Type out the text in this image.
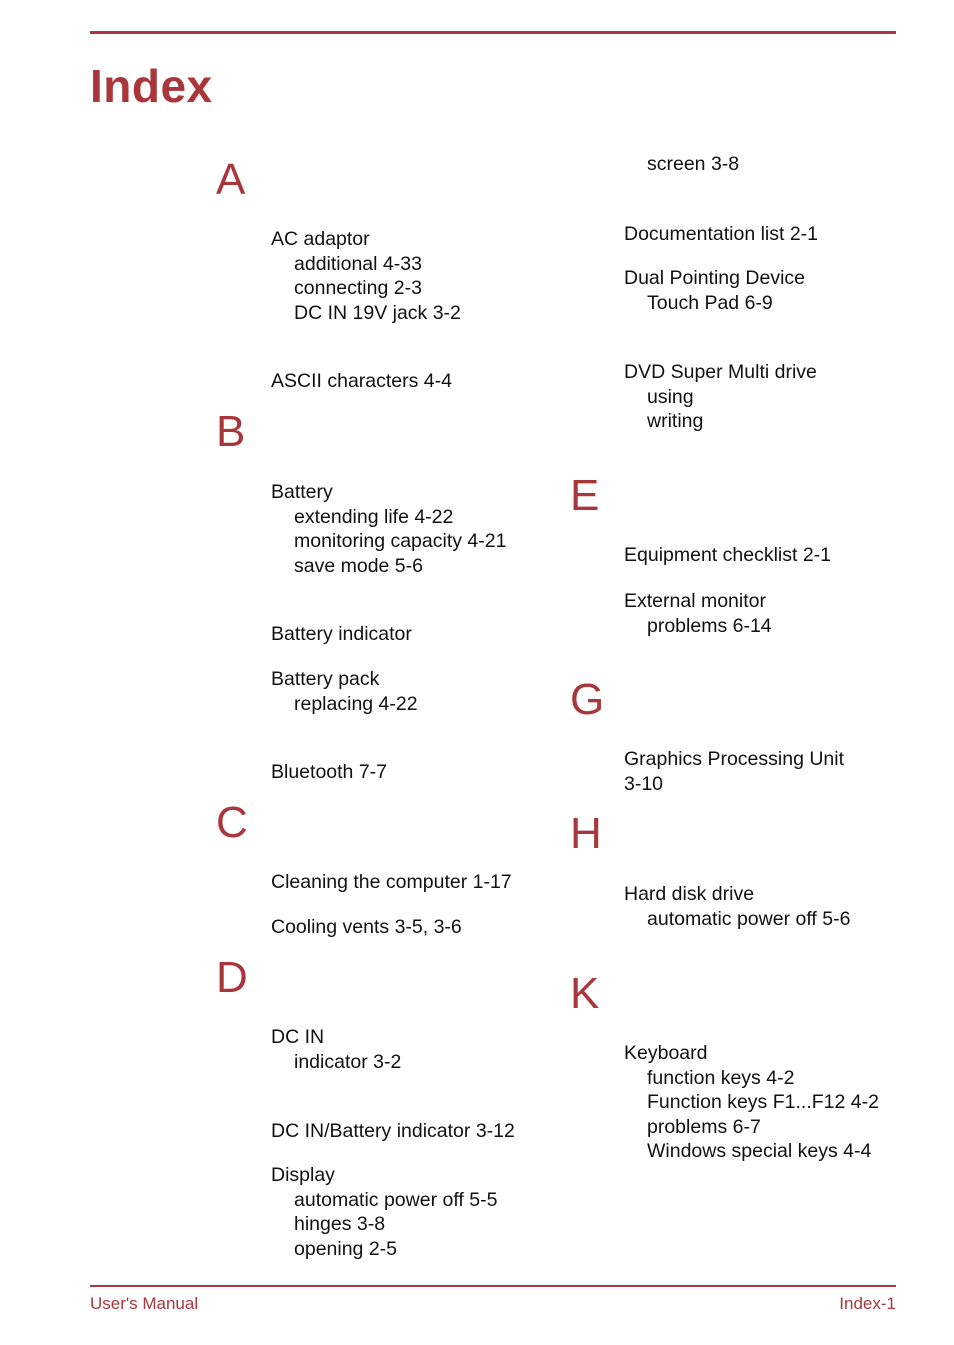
Index
A
AC adaptor
additional 4-33
connecting 2-3
DC IN 19V jack 3-2
ASCII characters 4-4
B
Battery
extending life 4-22
monitoring capacity 4-21
save mode 5-6
Battery indicator
Battery pack
replacing 4-22
Bluetooth 7-7
C
Cleaning the computer 1-17
Cooling vents 3-5, 3-6
D
DC IN
indicator 3-2
DC IN/Battery indicator 3-12
Display
automatic power off 5-5
hinges 3-8
opening 2-5
screen 3-8
Documentation list 2-1
Dual Pointing Device
Touch Pad 6-9
DVD Super Multi drive
using
writing
E
Equipment checklist 2-1
External monitor
problems 6-14
G
Graphics Processing Unit
3-10
H
Hard disk drive
automatic power off 5-6
K
Keyboard
function keys 4-2
Function keys F1...F12 4-2
problems 6-7
Windows special keys 4-4
User's Manual	Index-1
